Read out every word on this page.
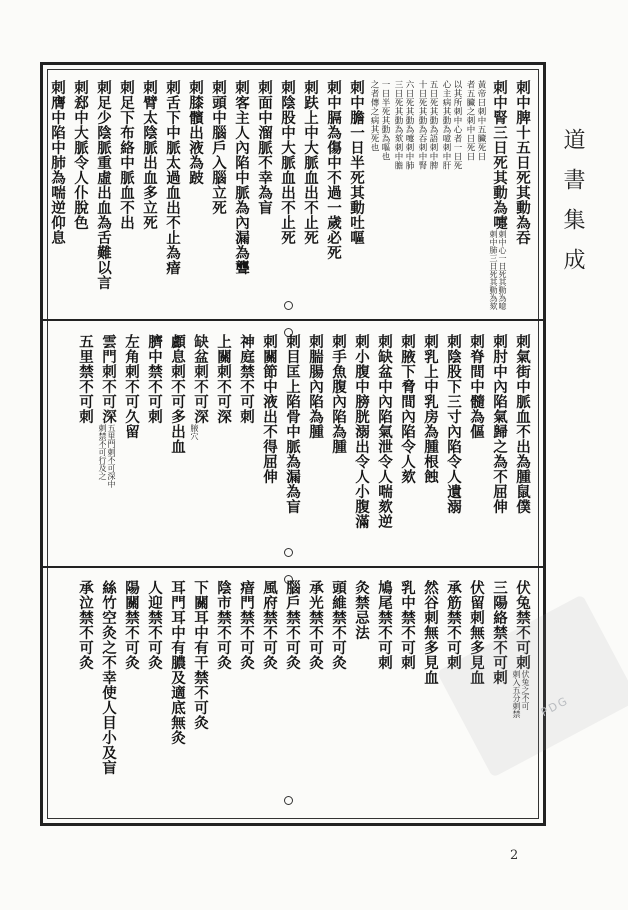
道書集成
刺中脾十五日死其動為吞
刺中腎三日死其動為嚏
刺中心一日死其動為噫
刺中肺三日死其動為欬
黃帝曰刺中五臟死日
者五臟之刺中日死日
以其所刺中心者一日死
心主病其動為噫刺中肝
五日死其動為語刺中脾
十日死其動為吞刺中腎
六日死其動為嚏刺中肺
三日死其動為欬刺中膽
一日半死其動為嘔也
之者傳之病其死也
刺中膽一日半死其動吐嘔
刺中膈為傷中不過一歲必死
刺趺上中大脈血出不止死
刺陰股中大脈血出不止死
刺面中溜脈不幸為盲
刺客主人內陷中脈為內漏為聾
刺頭中腦戶入腦立死
刺膝髕出液為跛
刺舌下中脈太過血出不止為瘖
刺臂太陰脈出血多立死
刺足下布絡中脈血不出
刺足少陰脈重虛出血為舌難以言
刺郄中大脈令人仆脫色
刺膺中陷中肺為喘逆仰息
刺氣街中脈血不出為腫鼠僕
刺肘中內陷氣歸之為不屈伸
刺脊間中髓為傴
刺陰股下三寸內陷令人遺溺
刺乳上中乳房為腫根蝕
刺腋下脅間內陷令人欬
刺缺盆中內陷氣泄令人喘欬逆
刺小腹中膀胱溺出令人小腹滿
刺手魚腹內陷為腫
刺腨腸內陷為腫
刺目匡上陷骨中脈為漏為盲
刺關節中液出不得屈伸
神庭禁不可刺
上關刺不可深
缺盆刺不可深
腋穴
顱息刺不可多出血
臍中禁不可刺
左角刺不可久留
雲門刺不可深
五里門刺不可深中
刺禁不可行及之
五里禁不可刺
伏兔禁不可刺
伏兔之不可
刺入五分刺禁
三陽絡禁不可刺
伏留刺無多見血
承筋禁不可刺
然谷刺無多見血
乳中禁不可刺
鳩尾禁不可刺
灸禁忌法
頭維禁不可灸
承光禁不可灸
腦戶禁不可灸
風府禁不可灸
瘖門禁不可灸
陰市禁不可灸
下關耳中有干禁不可灸
耳門耳中有膿及適底無灸
人迎禁不可灸
陽關禁不可灸
絲竹空灸之不幸使人目小及盲
承泣禁不可灸
PDG
2
